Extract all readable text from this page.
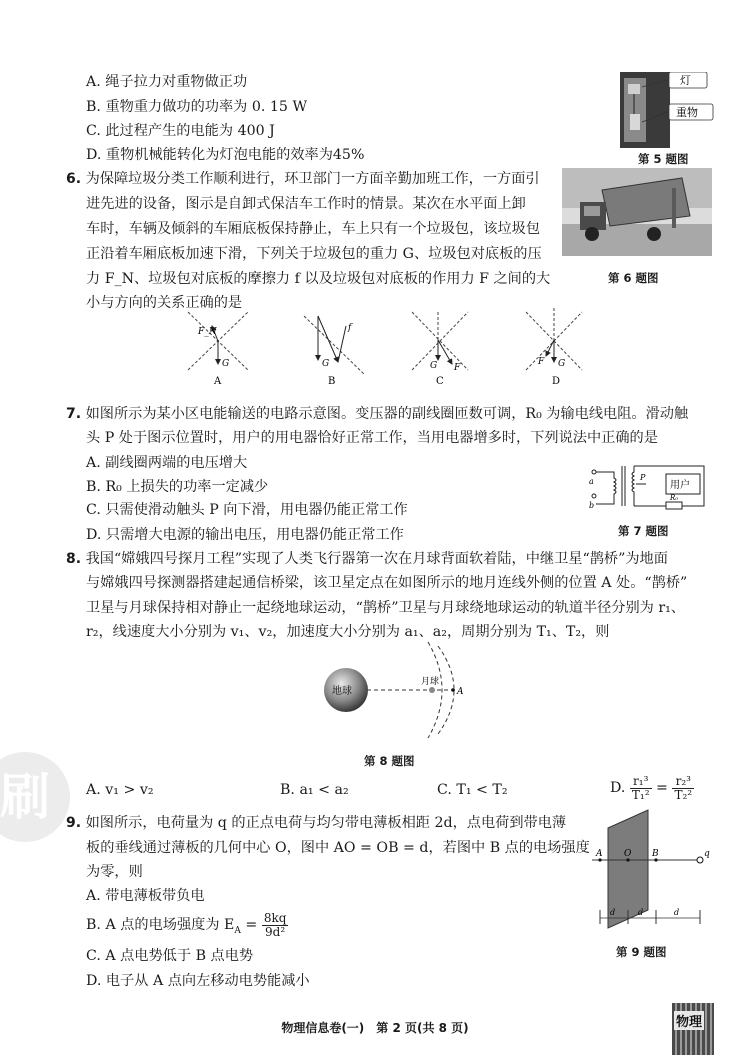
刷
A. 绳子拉力对重物做正功
B. 重物重力做功的功率为 0. 15 W
C. 此过程产生的电能为 400 J
D. 重物机械能转化为灯泡电能的效率为45%
灯
重物
第 5 题图
6. 为保障垃圾分类工作顺利进行，环卫部门一方面辛勤加班工作，一方面引
进先进的设备，图示是自卸式保洁车工作时的情景。某次在水平面上卸
车时，车辆及倾斜的车厢底板保持静止，车上只有一个垃圾包，该垃圾包
正沿着车厢底板加速下滑，下列关于垃圾包的重力 G、垃圾包对底板的压
力 F_N、垃圾包对底板的摩擦力 f 以及垃圾包对底板的作用力 F 之间的大
小与方向的关系正确的是
第 6 题图
F_N
G
A
f
G
B
G F
C
F G
D
7. 如图所示为某小区电能输送的电路示意图。变压器的副线圈匝数可调，R₀ 为输电线电阻。滑动触
头 P 处于图示位置时，用户的用电器恰好正常工作，当用电器增多时，下列说法中正确的是
A. 副线圈两端的电压增大
B. R₀ 上损失的功率一定减少
C. 只需使滑动触头 P 向下滑，用电器仍能正常工作
D. 只需增大电源的输出电压，用电器仍能正常工作
a
b
P
用户
R₀
第 7 题图
8. 我国“嫦娥四号探月工程”实现了人类飞行器第一次在月球背面软着陆，中继卫星“鹊桥”为地面
与嫦娥四号探测器搭建起通信桥梁，该卫星定点在如图所示的地月连线外侧的位置 A 处。“鹊桥”
卫星与月球保持相对静止一起绕地球运动，“鹊桥”卫星与月球绕地球运动的轨道半径分别为 r₁、
r₂，线速度大小分别为 v₁、v₂，加速度大小分别为 a₁、a₂，周期分别为 T₁、T₂，则
地球
月球
A
第 8 题图
A. v₁ > v₂	B. a₁ < a₂	C. T₁ < T₂	D. $\frac{\text{r₁³}}{\text{T₁²}} = \frac{\text{r₂³}}{\text{T₂²}}$
9. 如图所示，电荷量为 q 的正点电荷与均匀带电薄板相距 2d，点电荷到带电薄
板的垂线通过薄板的几何中心 O，图中 AO = OB = d，若图中 B 点的电场强度
为零，则
A. 带电薄板带负电
B. A 点的电场强度为 $E_A = \frac{8kq}{\text{9d²}}$
C. A 点电势低于 B 点电势
D. 电子从 A 点向左移动电势能减小
A O B	q
d	d	d
第 9 题图
物理信息卷(一)　第 2 页(共 8 页)	物理
